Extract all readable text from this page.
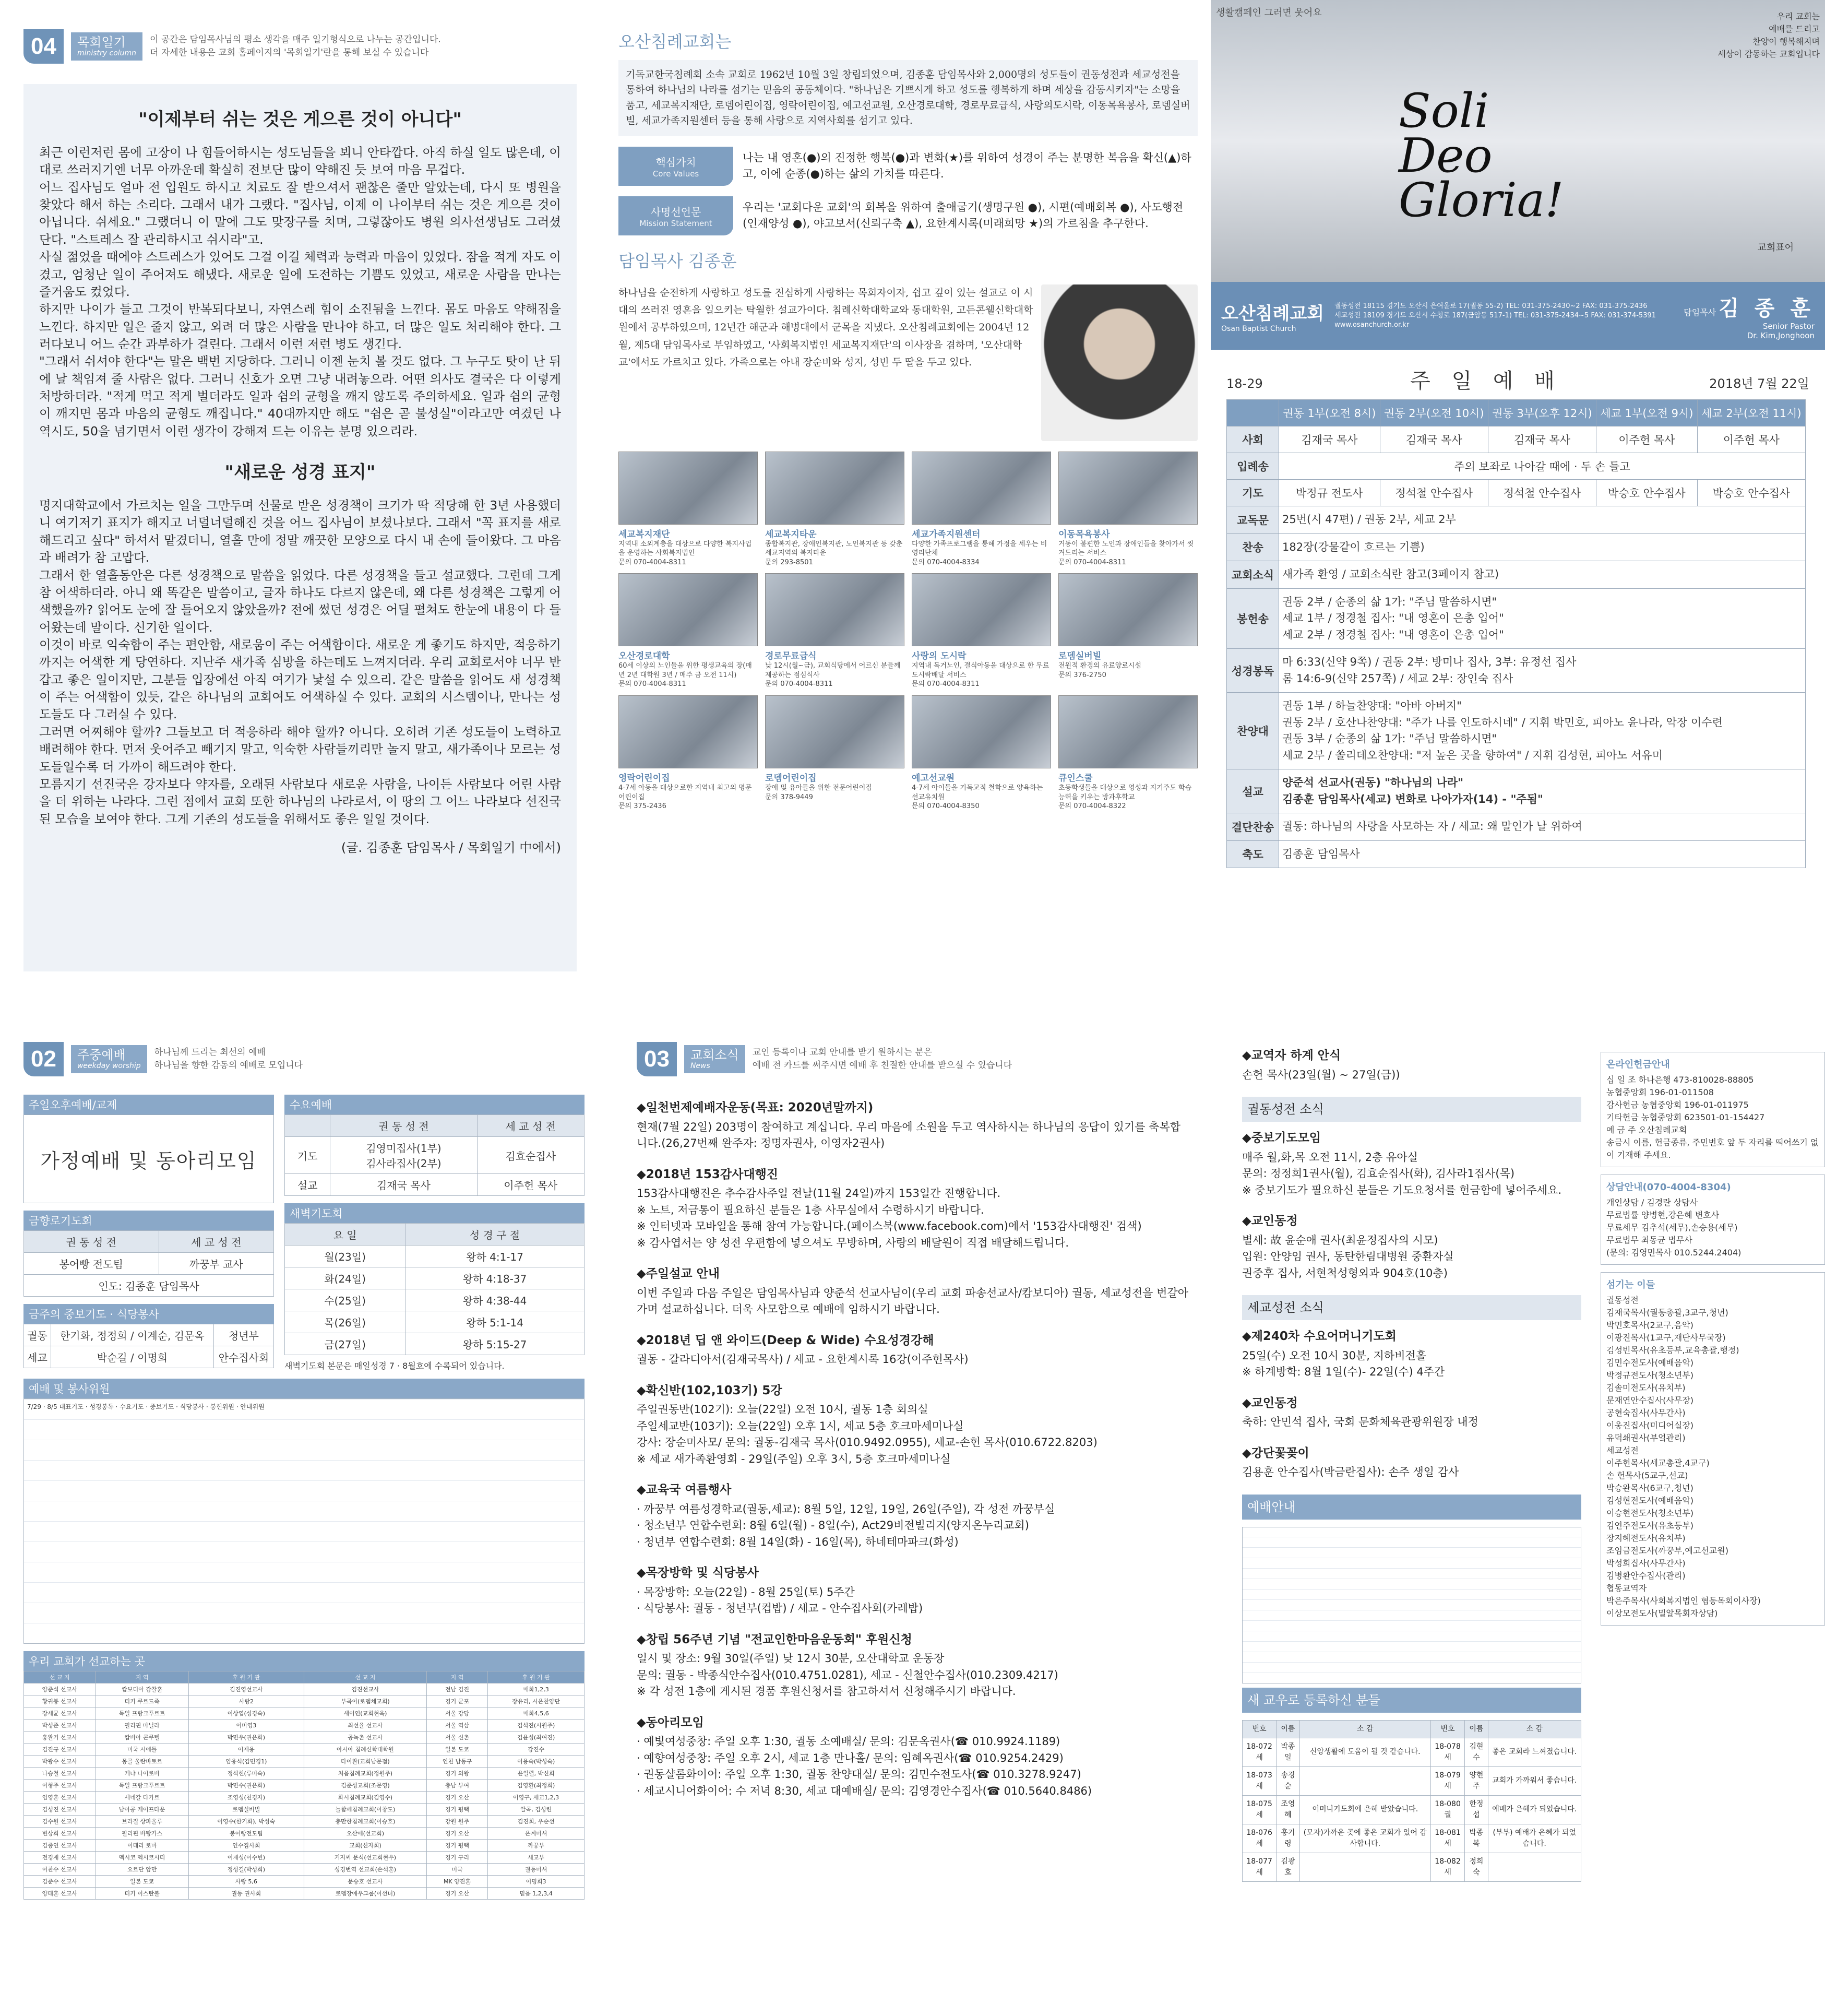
04	목회일기
ministry column
이 공간은 담임목사님의 평소 생각을 매주 일기형식으로 나누는 공간입니다.
더 자세한 내용은 교회 홈페이지의 '목회일기'란을 통해 보실 수 있습니다
"이제부터 쉬는 것은 게으른 것이 아니다"
최근 이런저런 몸에 고장이 나 힘들어하시는 성도님들을 뵈니 안타깝다. 아직 하실 일도 많은데, 이대로 쓰러지기엔 너무 아까운데 확실히 전보단 많이 약해진 듯 보여 마음 무겁다.
어느 집사님도 얼마 전 입원도 하시고 치료도 잘 받으셔서 괜찮은 줄만 알았는데, 다시 또 병원을 찾았다 해서 하는 소리다. 그래서 내가 그랬다. "집사님, 이제 이 나이부터 쉬는 것은 게으른 것이 아닙니다. 쉬세요." 그랬더니 이 말에 그도 맞장구를 치며, 그렇잖아도 병원 의사선생님도 그러셨단다. "스트레스 잘 관리하시고 쉬시라"고.
사실 젊었을 때에야 스트레스가 있어도 그걸 이길 체력과 능력과 마음이 있었다. 잠을 적게 자도 이겼고, 엄청난 일이 주어져도 해냈다. 새로운 일에 도전하는 기쁨도 있었고, 새로운 사람을 만나는 즐거움도 컸었다.
하지만 나이가 들고 그것이 반복되다보니, 자연스레 힘이 소진됨을 느낀다. 몸도 마음도 약해짐을 느낀다. 하지만 일은 줄지 않고, 외려 더 많은 사람을 만나야 하고, 더 많은 일도 처리해야 한다. 그러다보니 어느 순간 과부하가 걸린다. 그래서 이런 저런 병도 생긴다.
"그래서 쉬셔야 한다"는 말은 백번 지당하다. 그러니 이젠 눈치 볼 것도 없다. 그 누구도 탓이 난 뒤에 날 책임져 줄 사람은 없다. 그러니 신호가 오면 그냥 내려놓으라. 어떤 의사도 결국은 다 이렇게 처방하더라. "적게 먹고 적게 벌더라도 일과 쉼의 균형을 깨지 않도록 주의하세요. 일과 쉼의 균형이 깨지면 몸과 마음의 균형도 깨집니다." 40대까지만 해도 "쉼은 곧 불성실"이라고만 여겼던 나 역시도, 50을 넘기면서 이런 생각이 강해져 드는 이유는 분명 있으리라.
"새로운 성경 표지"
명지대학교에서 가르치는 일을 그만두며 선물로 받은 성경책이 크기가 딱 적당해 한 3년 사용했더니 여기저기 표지가 해지고 너덜너덜해진 것을 어느 집사님이 보셨나보다. 그래서 "꼭 표지를 새로 해드리고 싶다" 하셔서 맡겼더니, 열흘 만에 정말 깨끗한 모양으로 다시 내 손에 들어왔다. 그 마음과 배려가 참 고맙다.
그래서 한 열흘동안은 다른 성경책으로 말씀을 읽었다. 다른 성경책을 들고 설교했다. 그런데 그게 참 어색하더라. 아니 왜 똑같은 말씀이고, 글자 하나도 다르지 않은데, 왜 다른 성경책은 그렇게 어색했을까? 읽어도 눈에 잘 들어오지 않았을까? 전에 썼던 성경은 어딜 펼쳐도 한눈에 내용이 다 들어왔는데 말이다. 신기한 일이다.
이것이 바로 익숙함이 주는 편안함, 새로움이 주는 어색함이다. 새로운 게 좋기도 하지만, 적응하기까지는 어색한 게 당연하다. 지난주 새가족 심방을 하는데도 느껴지더라. 우리 교회로서야 너무 반갑고 좋은 일이지만, 그분들 입장에선 아직 여기가 낯설 수 있으리. 같은 말씀을 읽어도 새 성경책이 주는 어색함이 있듯, 같은 하나님의 교회여도 어색하실 수 있다. 교회의 시스템이나, 만나는 성도들도 다 그러실 수 있다.
그러면 어찌해야 할까? 그들보고 더 적응하라 해야 할까? 아니다. 오히려 기존 성도들이 노력하고 배려해야 한다. 먼저 웃어주고 빼기지 말고, 익숙한 사람들끼리만 놀지 말고, 새가족이나 모르는 성도들일수록 더 가까이 해드려야 한다.
모름지기 선진국은 강자보다 약자를, 오래된 사람보다 새로운 사람을, 나이든 사람보다 어린 사람을 더 위하는 나라다. 그런 점에서 교회 또한 하나님의 나라로서, 이 땅의 그 어느 나라보다 선진국된 모습을 보여야 한다. 그게 기존의 성도들을 위해서도 좋은 일일 것이다.
(글. 김종훈 담임목사 / 목회일기 中에서)
오산침례교회는
기독교한국침례회 소속 교회로 1962년 10월 3일 창립되었으며, 김종훈 담임목사와 2,000명의 성도들이 권동성전과 세교성전을 통하여 하나님의 나라를 섬기는 믿음의 공동체이다. "하나님은 기쁘시게 하고 성도를 행복하게 하며 세상을 감동시키자"는 소망을 품고, 세교복지재단, 로뎀어린이집, 영락어린이집, 예고선교원, 오산경로대학, 경로무료급식, 사랑의도시락, 이동목욕봉사, 로뎀실버빌, 세교가족지원센터 등을 통해 사랑으로 지역사회를 섬기고 있다.
핵심가치
Core Values
나는 내 영혼(●)의 진정한 행복(●)과 변화(★)를 위하여 성경이 주는 분명한 복음을 확신(▲)하고, 이에 순종(●)하는 삶의 가치를 따른다.
사명선언문
Mission Statement
우리는 '교회다운 교회'의 회복을 위하여 출애굽기(생명구원 ●), 시편(예배회복 ●), 사도행전(인재양성 ●), 야고보서(신뢰구축 ▲), 요한계시록(미래희망 ★)의 가르침을 추구한다.
담임목사 김종훈
하나님을 순전하게 사랑하고 성도를 진심하게 사랑하는 목회자이자, 쉽고 깊이 있는 설교로 이 시대의 쓰러진 영혼을 일으키는 탁월한 설교가이다. 침례신학대학교와 동대학원, 고든콘웰신학대학원에서 공부하였으며, 12년간 해군과 해병대에서 군목을 지냈다. 오산침례교회에는 2004년 12월, 제5대 담임목사로 부임하였고, '사회복지법인 세교복지재단'의 이사장을 겸하며, '오산대학교'에서도 가르치고 있다. 가족으로는 아내 장순비와 성지, 성빈 두 딸을 두고 있다.
세교복지재단
지역내 소외계층을 대상으로 다양한 복지사업을 운영하는 사회복지법인
문의 070-4004-8311
세교복지타운
종합복지관, 장애인복지관, 노인복지관 등 갖춘 세교지역의 복지타운
문의 293-8501
세교가족지원센터
다양한 가족프로그램을 통해 가정을 세우는 비영리단체
문의 070-4004-8334
이동목욕봉사
거동이 불편한 노인과 장애인들을 찾아가서 씻겨드리는 서비스
문의 070-4004-8311
오산경로대학
60세 이상의 노인들을 위한 평생교육의 장(매년 2년 대학원 3년 / 매주 금 오전 11시)
문의 070-4004-8311
경로무료급식
낮 12시(월~금), 교회식당에서 어르신 분들께 제공하는 점심식사
문의 070-4004-8311
사랑의 도시락
지역내 독거노인, 결식아동을 대상으로 한 무료 도시락배달 서비스
문의 070-4004-8311
로뎀실버빌
전원적 환경의 유료양로시설
문의 376-2750
영락어린이집
4-7세 아동을 대상으로한 지역내 최고의 명문 어린이집
문의 375-2436
로뎀어린이집
장애 및 유아들을 위한 전문어린이집
문의 378-9449
예고선교원
4-7세 아이들을 기독교적 철학으로 양육하는 선교유치원
문의 070-4004-8350
큐인스쿨
초등학생들을 대상으로 영성과 지기주도 학습능력을 키우는 방과후학교
문의 070-4004-8322
생활캠페인 그러면 웃어요	우리 교회는
예배를 드리고
찬양이 행복해지며
세상이 감동하는 교회입니다
Soli
Deo
Gloria!
교회표어
오산침례교회
Osan Baptist Church
궐동성전 18115 경기도 오산시 은여울로 17(궐동 55-2) TEL: 031-375-2430~2 FAX: 031-375-2436
세교성전 18109 경기도 오산시 수청로 187(금암동 517-1) TEL: 031-375-2434~5 FAX: 031-374-5391
www.osanchurch.or.kr
담임목사 김 종 훈
Senior Pastor
Dr. Kim,Jonghoon
18-29	주 일 예 배	2018년 7월 22일
	권동 1부(오전 8시)	권동 2부(오전 10시)	권동 3부(오후 12시)	세교 1부(오전 9시)	세교 2부(오전 11시)
사회	김재국 목사	김재국 목사	김재국 목사	이주헌 목사	이주헌 목사
입례송	주의 보좌로 나아갈 때에 · 두 손 들고				
기도	박정규 전도사	정석철 안수집사	정석철 안수집사	박승호 안수집사	박승호 안수집사
교독문	25번(시 47편) / 권동 2부, 세교 2부				
찬송	182장(강물같이 흐르는 기쁨)				
교회소식	새가족 환영 / 교회소식란 참고(3페이지 참고)				
봉헌송	권동 2부 / 순종의 삶 1가: "주님 말씀하시면"
세교 1부 / 정경철 집사: "내 영혼이 은총 입어"
세교 2부 / 정경철 집사: "내 영혼이 은총 입어"				
성경봉독	마 6:33(신약 9쪽) / 권동 2부: 방미나 집사, 3부: 유정선 집사
롬 14:6-9(신약 257쪽) / 세교 2부: 장인숙 집사				
찬양대	권동 1부 / 하늘찬양대: "아바 아버지"
권동 2부 / 호산나찬양대: "주가 나를 인도하시네" / 지휘 박민호, 피아노 윤나라, 악장 이수련
권동 3부 / 순종의 삶 1가: "주님 말씀하시면"
세교 2부 / 쏠리데오찬양대: "저 높은 곳을 향하여" / 지휘 김성현, 피아노 서유미				
설교	양준석 선교사(권동) "하나님의 나라"
김종훈 담임목사(세교) 변화로 나아가자(14) - "주됨"				
결단찬송	궐동: 하나님의 사랑을 사모하는 자 / 세교: 왜 말인가 날 위하여				
축도	김종훈 담임목사				
02	주중예배
weekday worship
하나님께 드리는 최선의 예배
하나님을 향한 감동의 예배로 모입니다
주일오후예배/교제
가정예배 및 동아리모임
금향로기도회
권 동 성 전	세 교 성 전
봉어빵 전도팀	까꿍부 교사
인도: 김종훈 담임목사	
금주의 중보기도 · 식당봉사
궐동	한기화, 정정희 / 이계순, 김문옥	청년부
세교	박순길 / 이명희	안수집사회
수요예배
	권 동 성 전	세 교 성 전
기도	김영미집사(1부)
김사라집사(2부)	김효순집사
설교	김재국 목사	이주헌 목사
새벽기도회
요 일	성 경 구 절
월(23일)	왕하 4:1-17
화(24일)	왕하 4:18-37
수(25일)	왕하 4:38-44
목(26일)	왕하 5:1-14
금(27일)	왕하 5:15-27
새벽기도회 본문은 매일성경 7 · 8월호에 수록되어 있습니다.
예배 및 봉사위원
7/29 · 8/5 대표기도 · 성경봉독 · 수요기도 · 중보기도 · 식당봉사 · 봉헌위원 · 안내위원
우리 교회가 선교하는 곳
선 교 지	지 역	후 원 기 관	선 교 지	지 역	후 원 기 관
양준석 선교사	캄보디아 감찰훈	김진영선교사	김진선교사	전남 김진	매화1,2,3
황귀봉 선교사	티키 쿠르드족	사랑2	부곡이(로뎀체교회)	경기 군포	장유리, 시온찬양단
장세균 선교사	독일 프랑크푸르트	이상엽(성경숙)	새이연(교회현옥)	서울 강당	매화4,5,6
박성준 선교사	필리핀 마닐라	이미영3	최선율 선교사	서울 역삼	김석진(시원주)
홍완기 선교사	캄비아 콘쿠텔	박민우(권은화)	공녹촌 선교사	서울 신촌	김윤성(최여진)
김진규 선교사	미국 시애틀	이재용	아시아 침례신학대학원	일본 도쿄	강진수
박광수 선교사	몽골 울란바토르	엄웅식(김민경1)	타이완(교회남문점)	인천 남동구	이용숙(박성숙)
나승철 선교사	케냐 나이로비	정석헌(류미숙)	처음침례교회(정원주)	경기 의왕	윤일렬, 박신희
이형주 선교사	독일 프랑크푸르트	박민수(권은화)	김준성교회(조문영)	충남 부여	김영환(최정희)
임영훈 선교사	세네갈 다카르	조영성(천경자)	화시침례교회(김영수)	경기 오산	이영구, 세교1,2,3
김성진 선교사	남아공 케이프타운	로뎀실버빌	늘함께침례교회(이창도)	경기 평택	알곡, 김성련
김수원 선교사	브라질 상파울루	이영수(한기화), 박성숙	충만한침례교회(이승호)	강원 원주	김진희, 우순선
변상희 선교사	필리핀 바탕가스	봉어빵전도팀	오산에(선교회)	경기 오산	온계미셔
김종연 선교사	이태리 로마	인수집사회	교회(신자회)	경기 평택	까꿍부
전경재 선교사	멕시코 멕시코시티	이재성(이수빈)	거저씨 문식(선교회현우)	경기 구리	세교부
이찬수 선교사	요르단 암만	정성길(박성희)	성경번역 선교회(손석훈)	미국	궐동미셔
김준수 선교사	일본 도쿄	사랑 5,6	문승호 선교사	MK 양진훈	이명희3
양태훈 선교사	터키 이스탄불	궐동 권사회	로뎀장애우그룹(이선녀)	경기 오산	믿음 1,2,3,4
03	교회소식
News
교인 등록이나 교회 안내를 받기 원하시는 분은
예배 전 카드를 써주시면 예배 후 친절한 안내를 받으실 수 있습니다
◆일천번제예배자운동(목표: 2020년말까지)

현재(7월 22일) 203명이 참여하고 계십니다. 우리 마음에 소원을 두고 역사하시는 하나님의 응답이 있기를 축복합니다.(26,27번째 완주자: 정명자권사, 이영자2권사)

◆2018년 153감사대행진

153감사대행진은 추수감사주일 전날(11월 24일)까지 153일간 진행합니다.
※ 노트, 저금통이 필요하신 분들은 1층 사무실에서 수령하시기 바랍니다.
※ 인터넷과 모바일을 통해 참여 가능합니다.(페이스북(www.facebook.com)에서 '153감사대행진' 검색)
※ 감사엽서는 양 성전 우편함에 넣으셔도 무방하며, 사랑의 배달원이 직접 배달해드립니다.

◆주일설교 안내

이번 주일과 다음 주일은 담임목사님과 양준석 선교사님이(우리 교회 파송선교사/캄보디아) 궐동, 세교성전을 번갈아가며 설교하십니다. 더욱 사모함으로 예배에 임하시기 바랍니다.

◆2018년 딥 앤 와이드(Deep & Wide) 수요성경강해

궐동 - 갈라디아서(김재국목사) / 세교 - 요한계시록 16강(이주헌목사)

◆확신반(102,103기) 5강

주일권동반(102기): 오늘(22일) 오전 10시, 궐동 1층 회의실
주일세교반(103기): 오늘(22일) 오후 1시, 세교 5층 호크마세미나실
강사: 장순미사모/ 문의: 궐동-김재국 목사(010.9492.0955), 세교-손헌 목사(010.6722.8203)
※ 세교 새가족환영회 - 29일(주일) 오후 3시, 5층 호크마세미나실

◆교육국 여름행사

· 까꿍부 여름성경학교(궐동,세교): 8월 5일, 12일, 19일, 26일(주일), 각 성전 까꿍부실
· 청소년부 연합수련회: 8월 6일(월) - 8일(수), Act29비전빌리지(양지온누리교회)
· 청년부 연합수련회: 8월 14일(화) - 16일(목), 하네테마파크(화성)

◆목장방학 및 식당봉사

· 목장방학: 오늘(22일) - 8월 25일(토) 5주간
· 식당봉사: 궐동 - 청년부(컵밥) / 세교 - 안수집사회(카레밥)

◆창립 56주년 기념 "전교인한마음운동회" 후원신청

일시 및 장소: 9월 30일(주일) 낮 12시 30분, 오산대학교 운동장
문의: 궐동 - 박종식안수집사(010.4751.0281), 세교 - 신철안수집사(010.2309.4217)
※ 각 성전 1층에 게시된 경품 후원신청서를 참고하셔서 신청해주시기 바랍니다.

◆동아리모임

· 예빛여성중창: 주일 오후 1:30, 궐동 소예배실/ 문의: 김문옥권사(☎ 010.9924.1189)
· 예향여성중창: 주일 오후 2시, 세교 1층 만나홀/ 문의: 임혜옥권사(☎ 010.9254.2429)
· 권동샬롬화이어: 주일 오후 1:30, 궐동 찬양대실/ 문의: 김민수전도사(☎ 010.3278.9247)
· 세교시니어화이어: 수 저녁 8:30, 세교 대예배실/ 문의: 김영경안수집사(☎ 010.5640.8486)

◆교역자 하계 안식

손헌 목사(23일(월) ~ 27일(금))

궐동성전 소식
◆중보기도모임

매주 월,화,목 오전 11시, 2층 유아실
문의: 정정희1권사(월), 김효순집사(화), 김사라1집사(목)
※ 중보기도가 필요하신 분들은 기도요청서를 헌금함에 넣어주세요.

◆교인동정

별세: 故 윤순애 권사(최윤정집사의 시모)
입원: 안양임 권사, 동탄한림대병원 중환자실
권중후 집사, 서현척성형외과 904호(10층)

세교성전 소식
◆제240차 수요어머니기도회

25일(수) 오전 10시 30분, 지하비전홀
※ 하계방학: 8월 1일(수)- 22일(수) 4주간

◆교인동정

축하: 안민석 집사, 국회 문화체육관광위원장 내정

◆강단꽃꽂이

김용훈 안수집사(박금란집사): 손주 생일 감사

예배안내
새 교우로 등록하신 분들
번호	이름	소 감	번호	이름	소 감
18-072세	박종일	신앙생활에 도움이 될 것 같습니다.	18-078세	김현수	좋은 교회라 느껴졌습니다.
18-073세	송경순		18-079세	양현주	교회가 가까워서 좋습니다.
18-075세	조영혜	어머니기도회에 은혜 받았습니다.	18-080궐	한정섭	예배가 은혜가 되었습니다.
18-076세	홍기령	(모자)가까운 곳에 좋은 교회가 있어 감사합니다.	18-081세	박종복	(부부) 예배가 은혜가 되었습니다.
18-077세	김광호		18-082세	정희숙	
온라인헌금안내
십 일 조 하나은행 473-810028-88805
농협중앙회 196-01-011508
감사헌금 농협중앙회 196-01-011975
기타헌금 농협중앙회 623501-01-154427
예 금 주 오산침례교회
송금시 이름, 헌금종류, 주민번호 앞 두 자리를 띄어쓰기 없이 기재해 주세요.
상담안내(070-4004-8304)
개인상담 / 김경란 상담사
무료법률 양병현,강은혜 변호사
무료세무 김추석(세무),손승용(세무)
무료법무 최동균 법무사
(문의: 김영민목사 010.5244.2404)
섬기는 이들
궐동성전
김재국목사(궐동총괄,3교구,청년)
박민호목사(2교구,음악)
이광진목사(1교구,재단사무국장)
김성빈목사(유초등부,교육총괄,행정)
김민수전도사(예배음악)
박정규전도사(청소년부)
김솔미전도사(유치부)
문재연안수집사(사무장)
공현숙집사(사무간사)
이웅진집사(미디어실장)
유덕쇄권사(부엌관리)
세교성전
이주헌목사(세교총괄,4교구)
손 헌목사(5교구,선교)
박승완목사(6교구,청년)
김성현전도사(예배음악)
이승현전도사(청소년부)
김연주전도사(유초등부)
장지혜전도사(유치부)
조임금전도사(까꿍부,예고선교원)
박성희집사(사무간사)
김병환안수집사(관리)
협동교역자
박은주목사(사회복지법인 협동목회이사장)
이상모전도사(밀알목회자상담)
